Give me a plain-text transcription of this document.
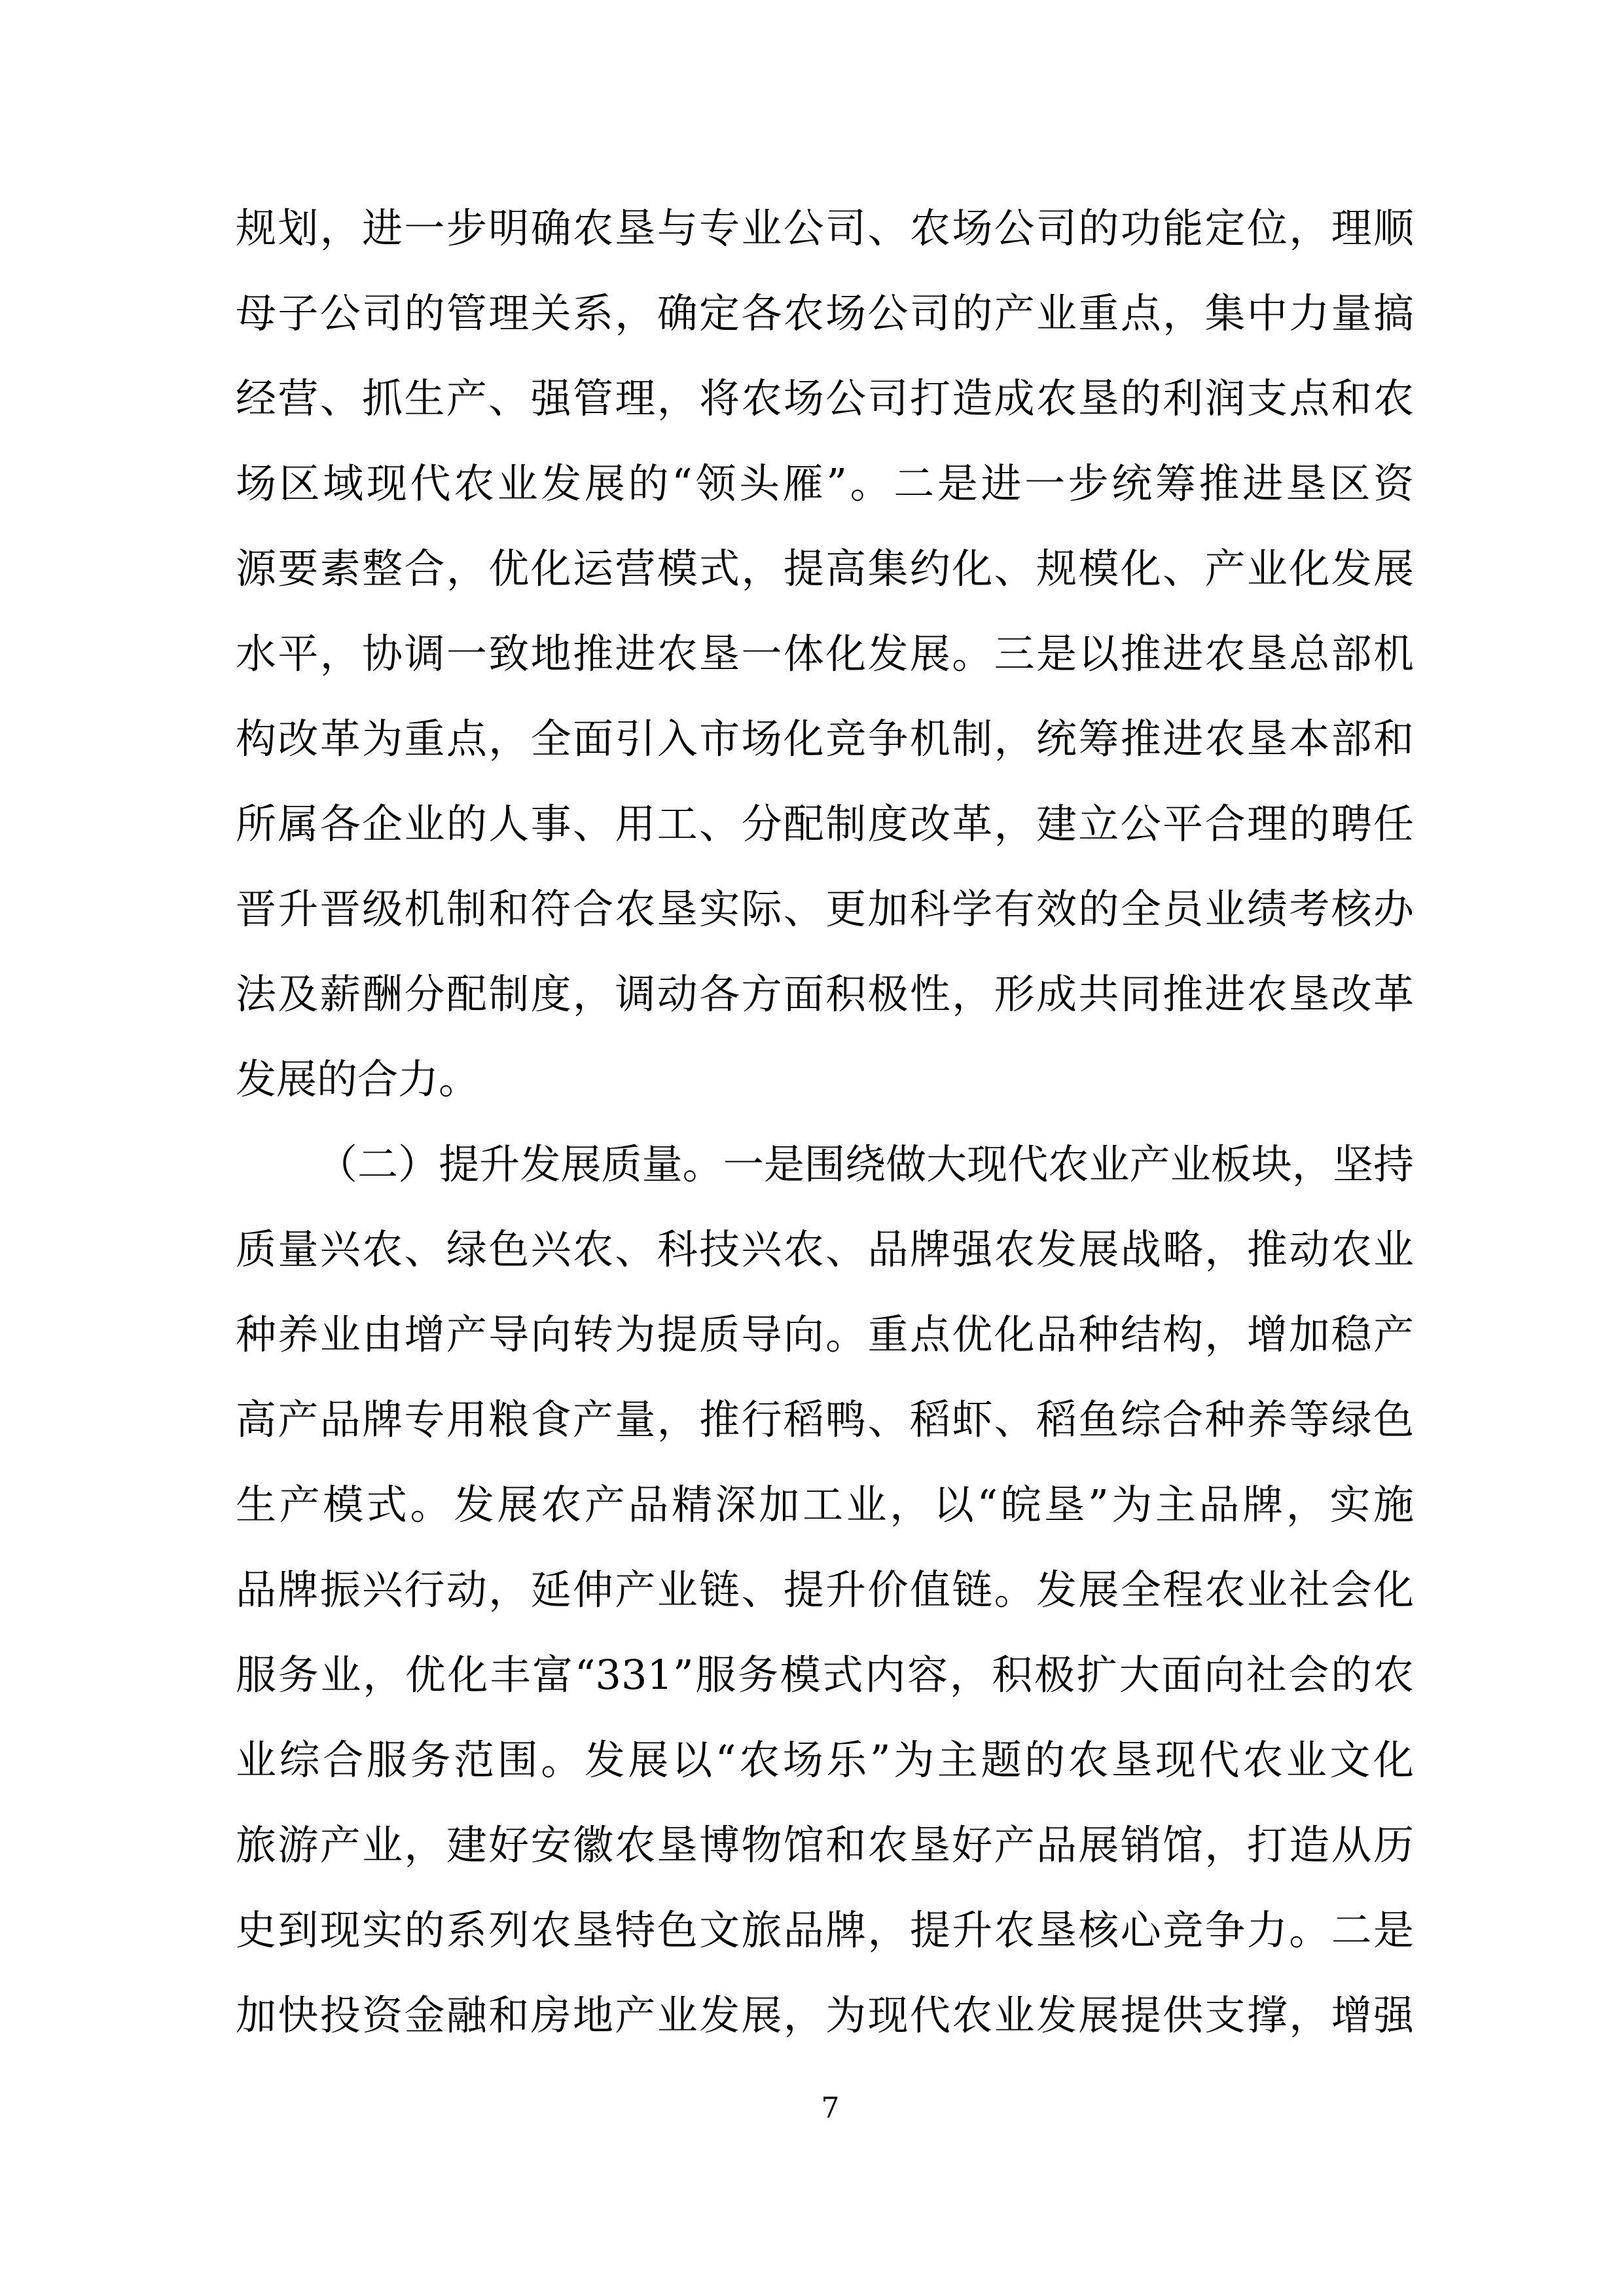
规划，进一步明确农垦与专业公司、农场公司的功能定位，理顺
母子公司的管理关系，确定各农场公司的产业重点，集中力量搞
经营、抓生产、强管理，将农场公司打造成农垦的利润支点和农
场区域现代农业发展的“领头雁”。二是进一步统筹推进垦区资
源要素整合，优化运营模式，提高集约化、规模化、产业化发展
水平，协调一致地推进农垦一体化发展。三是以推进农垦总部机
构改革为重点，全面引入市场化竞争机制，统筹推进农垦本部和
所属各企业的人事、用工、分配制度改革，建立公平合理的聘任
晋升晋级机制和符合农垦实际、更加科学有效的全员业绩考核办
法及薪酬分配制度，调动各方面积极性，形成共同推进农垦改革
发展的合力。
（二）提升发展质量。一是围绕做大现代农业产业板块，坚持
质量兴农、绿色兴农、科技兴农、品牌强农发展战略，推动农业
种养业由增产导向转为提质导向。重点优化品种结构，增加稳产
高产品牌专用粮食产量，推行稻鸭、稻虾、稻鱼综合种养等绿色
生产模式。发展农产品精深加工业，以“皖垦”为主品牌，实施
品牌振兴行动，延伸产业链、提升价值链。发展全程农业社会化
服务业，优化丰富“331”服务模式内容，积极扩大面向社会的农
业综合服务范围。发展以“农场乐”为主题的农垦现代农业文化
旅游产业，建好安徽农垦博物馆和农垦好产品展销馆，打造从历
史到现实的系列农垦特色文旅品牌，提升农垦核心竞争力。二是
加快投资金融和房地产业发展，为现代农业发展提供支撑，增强
7
